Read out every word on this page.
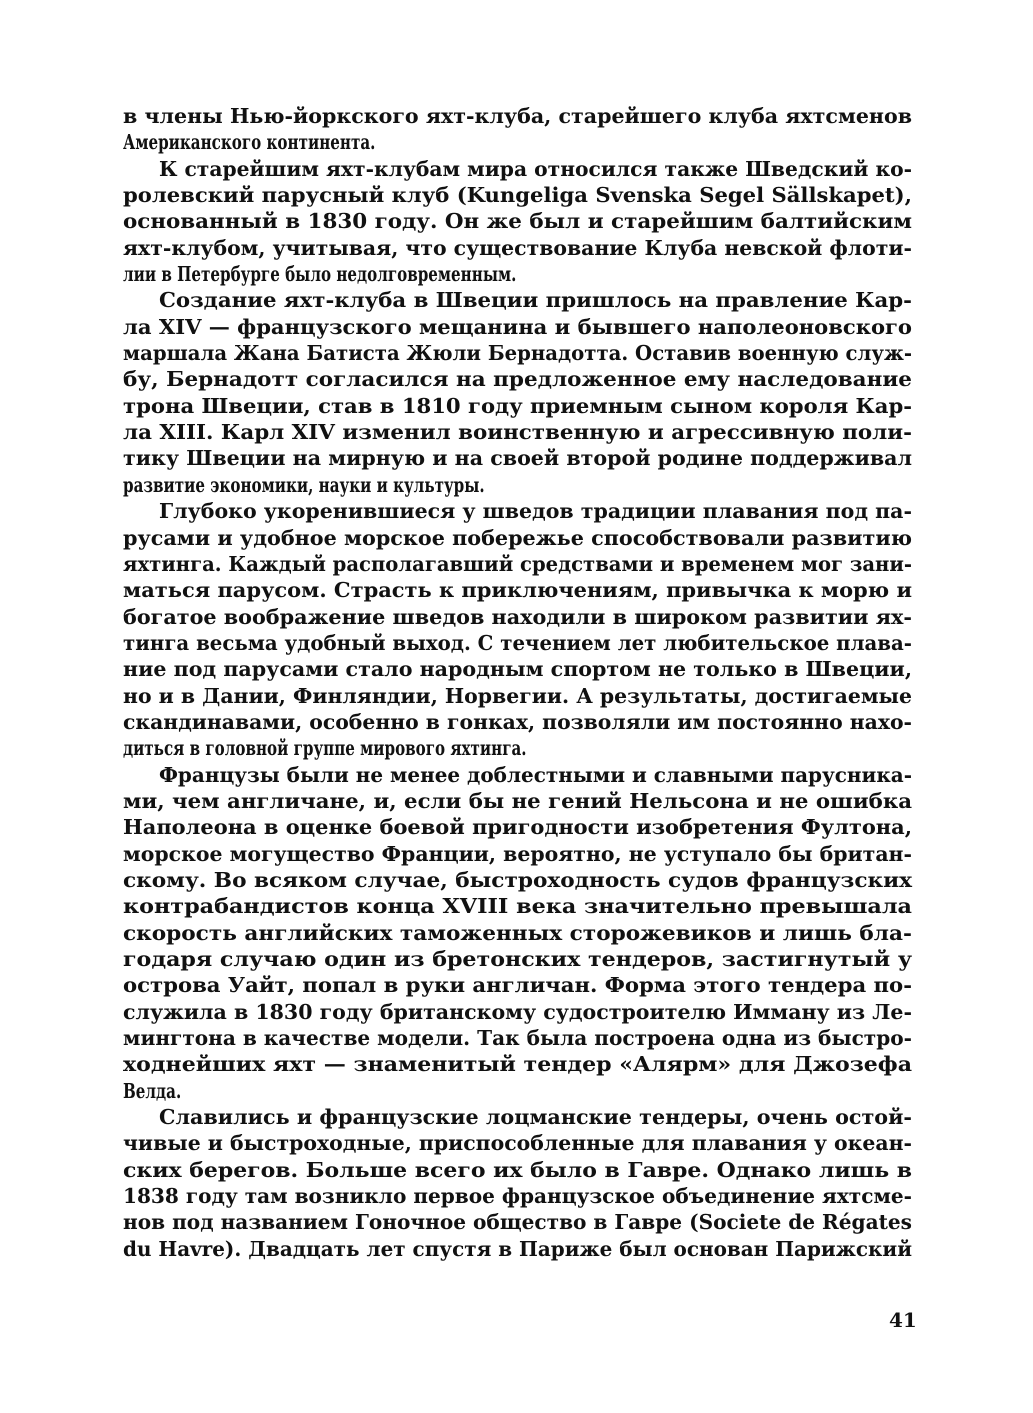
в члены Нью-йоркского яхт-клуба, старейшего клуба яхтсменов
Американского континента.
К старейшим яхт-клубам мира относился также Шведский ко-
ролевский парусный клуб (Kungeliga Svenska Segel Sällskapet),
основанный в 1830 году. Он же был и старейшим балтийским
яхт-клубом, учитывая, что существование Клуба невской флоти-
лии в Петербурге было недолговременным.
Создание яхт-клуба в Швеции пришлось на правление Кар-
ла XIV — французского мещанина и бывшего наполеоновского
маршала Жана Батиста Жюли Бернадотта. Оставив военную служ-
бу, Бернадотт согласился на предложенное ему наследование
трона Швеции, став в 1810 году приемным сыном короля Кар-
ла XIII. Карл XIV изменил воинственную и агрессивную поли-
тику Швеции на мирную и на своей второй родине поддерживал
развитие экономики, науки и культуры.
Глубоко укоренившиеся у шведов традиции плавания под па-
русами и удобное морское побережье способствовали развитию
яхтинга. Каждый располагавший средствами и временем мог зани-
маться парусом. Страсть к приключениям, привычка к морю и
богатое воображение шведов находили в широком развитии ях-
тинга весьма удобный выход. С течением лет любительское плава-
ние под парусами стало народным спортом не только в Швеции,
но и в Дании, Финляндии, Норвегии. А результаты, достигаемые
скандинавами, особенно в гонках, позволяли им постоянно нахо-
диться в головной группе мирового яхтинга.
Французы были не менее доблестными и славными парусника-
ми, чем англичане, и, если бы не гений Нельсона и не ошибка
Наполеона в оценке боевой пригодности изобретения Фултона,
морское могущество Франции, вероятно, не уступало бы британ-
скому. Во всяком случае, быстроходность судов французских
контрабандистов конца XVIII века значительно превышала
скорость английских таможенных сторожевиков и лишь бла-
годаря случаю один из бретонских тендеров, застигнутый у
острова Уайт, попал в руки англичан. Форма этого тендера по-
служила в 1830 году британскому судостроителю Имману из Ле-
мингтона в качестве модели. Так была построена одна из быстро-
ходнейших яхт — знаменитый тендер «Алярм» для Джозефа
Велда.
Славились и французские лоцманские тендеры, очень остой-
чивые и быстроходные, приспособленные для плавания у океан-
ских берегов. Больше всего их было в Гавре. Однако лишь в
1838 году там возникло первое французское объединение яхтсме-
нов под названием Гоночное общество в Гавре (Societe de Régates
du Havre). Двадцать лет спустя в Париже был основан Парижский
41
